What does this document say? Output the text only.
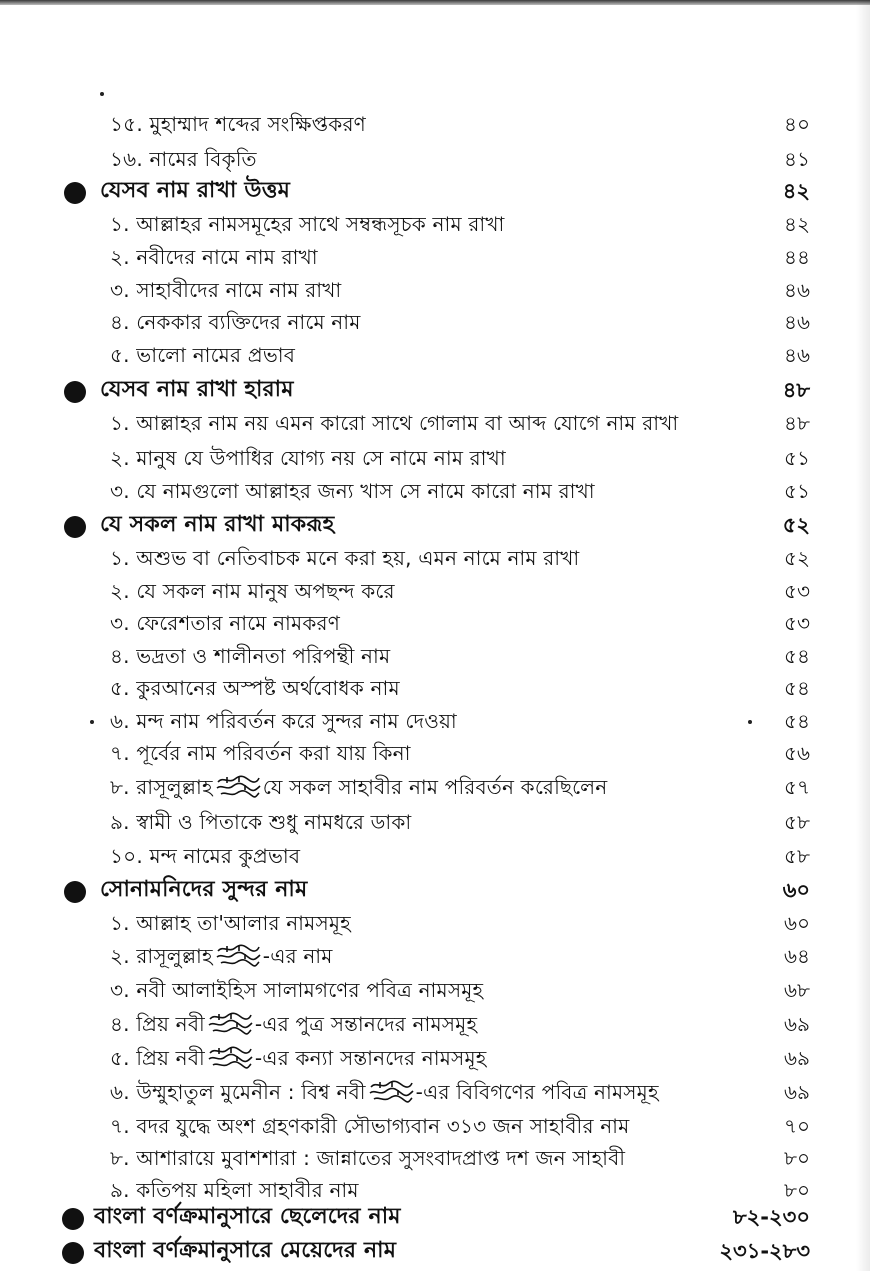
১৫. মুহাম্মাদ শব্দের সংক্ষিপ্তকরণ	৪০
১৬. নামের বিকৃতি	৪১
যেসব নাম রাখা উত্তম	৪২
১. আল্লাহর নামসমূহের সাথে সম্বন্ধসূচক নাম রাখা	৪২
২. নবীদের নামে নাম রাখা	৪৪
৩. সাহাবীদের নামে নাম রাখা	৪৬
৪. নেককার ব্যক্তিদের নামে নাম	৪৬
৫. ভালো নামের প্রভাব	৪৬
যেসব নাম রাখা হারাম	৪৮
১. আল্লাহর নাম নয় এমন কারো সাথে গোলাম বা আব্দ যোগে নাম রাখা	৪৮
২. মানুষ যে উপাধির যোগ্য নয় সে নামে নাম রাখা	৫১
৩. যে নামগুলো আল্লাহর জন্য খাস সে নামে কারো নাম রাখা	৫১
যে সকল নাম রাখা মাকরূহ	৫২
১. অশুভ বা নেতিবাচক মনে করা হয়, এমন নামে নাম রাখা	৫২
২. যে সকল নাম মানুষ অপছন্দ করে	৫৩
৩. ফেরেশতার নামে নামকরণ	৫৩
৪. ভদ্রতা ও শালীনতা পরিপন্থী নাম	৫৪
৫. কুরআনের অস্পষ্ট অর্থবোধক নাম	৫৪
৬. মন্দ নাম পরিবর্তন করে সুন্দর নাম দেওয়া	৫৪
৭. পূর্বের নাম পরিবর্তন করা যায় কিনা	৫৬
৮. রাসূলুল্লাহ	যে সকল সাহাবীর নাম পরিবর্তন করেছিলেন	৫৭
৯. স্বামী ও পিতাকে শুধু নামধরে ডাকা	৫৮
১০. মন্দ নামের কুপ্রভাব	৫৮
সোনামনিদের সুন্দর নাম	৬০
১. আল্লাহ তা'আলার নামসমূহ	৬০
২. রাসূলুল্লাহ	-এর নাম	৬৪
৩. নবী আলাইহিস সালামগণের পবিত্র নামসমূহ	৬৮
৪. প্রিয় নবী	-এর পুত্র সন্তানদের নামসমূহ	৬৯
৫. প্রিয় নবী	-এর কন্যা সন্তানদের নামসমূহ	৬৯
৬. উম্মুহাতুল মুমেনীন : বিশ্ব নবী	-এর বিবিগণের পবিত্র নামসমূহ	৬৯
৭. বদর যুদ্ধে অংশ গ্রহণকারী সৌভাগ্যবান ৩১৩ জন সাহাবীর নাম	৭০
৮. আশারায়ে মুবাশশারা : জান্নাতের সুসংবাদপ্রাপ্ত দশ জন সাহাবী	৮০
৯. কতিপয় মহিলা সাহাবীর নাম	৮০
বাংলা বর্ণক্রমানুসারে ছেলেদের নাম	৮২-২৩০
বাংলা বর্ণক্রমানুসারে মেয়েদের নাম	২৩১-২৮৩
